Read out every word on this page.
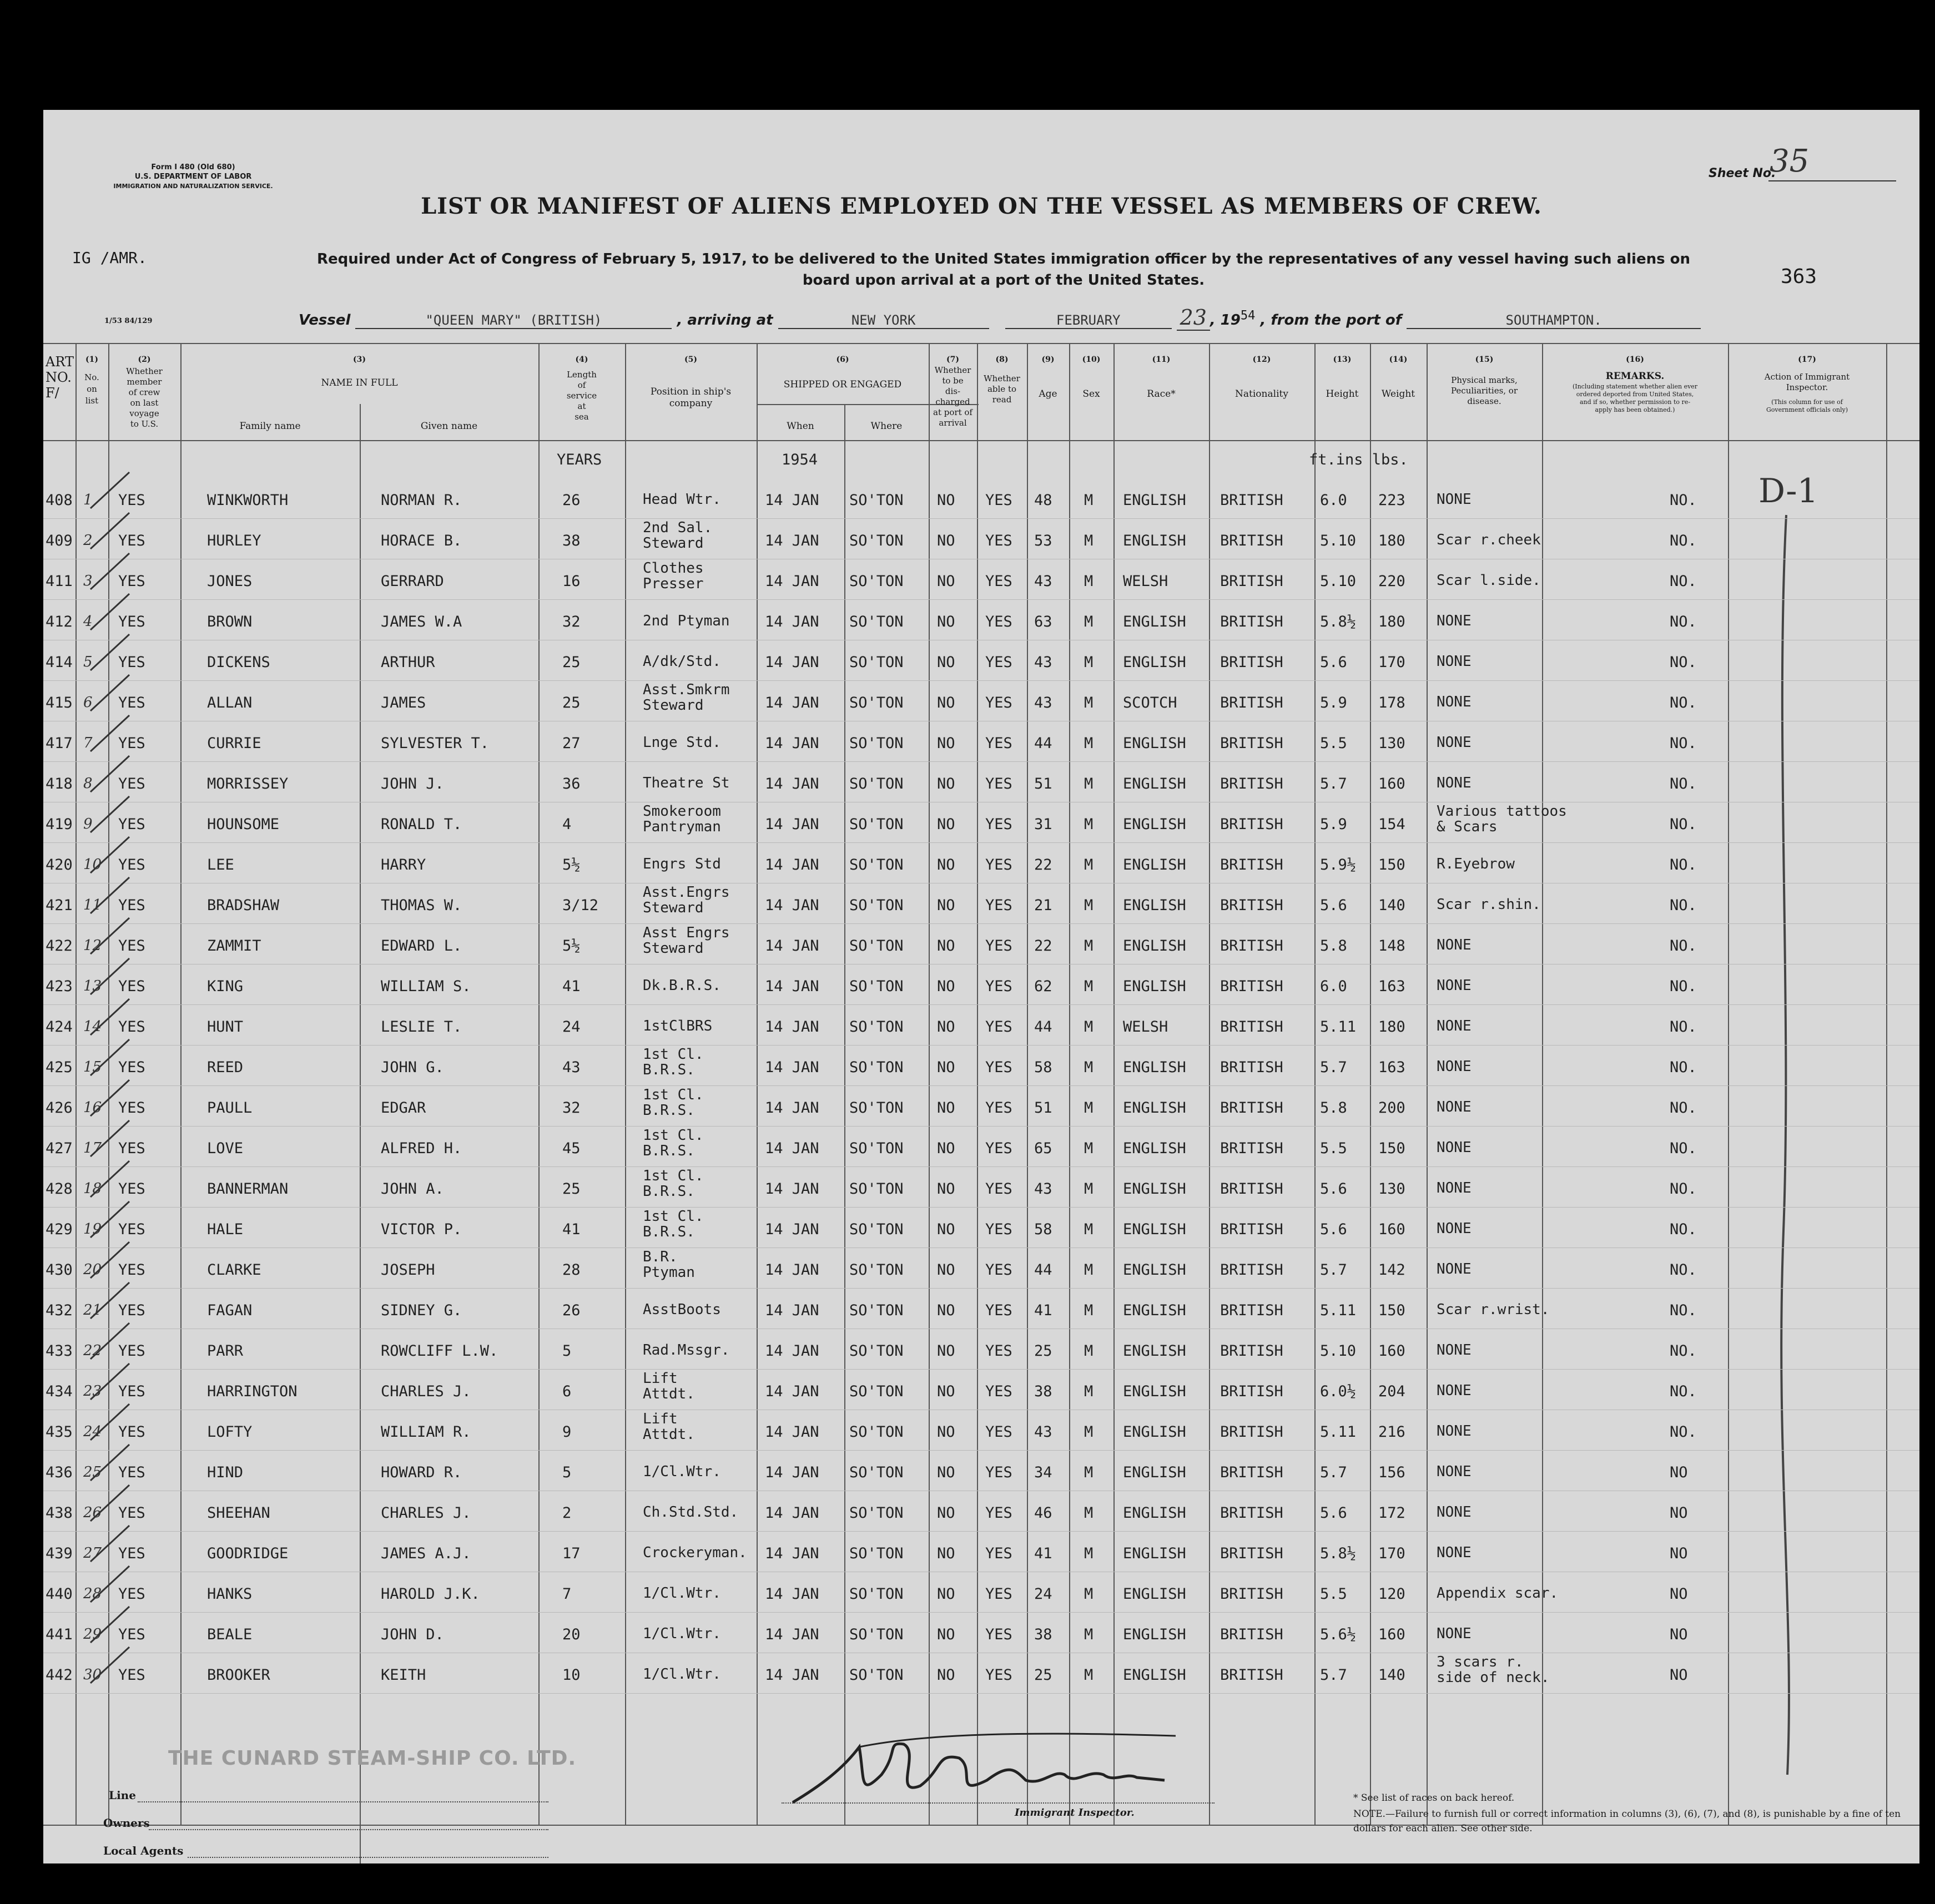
Form I 480 (Old 680)
U.S. DEPARTMENT OF LABOR
IMMIGRATION AND NATURALIZATION SERVICE.
IG /AMR.
1/53 84/129
Sheet No.
35
363
LIST OR MANIFEST OF ALIENS EMPLOYED ON THE VESSEL AS MEMBERS OF CREW.
Required under Act of Congress of February 5, 1917, to be delivered to the United States immigration officer by the representatives of any vessel having such aliens on board upon arrival at a port of the United States.
Vessel	"QUEEN MARY" (BRITISH)	, arriving at	NEW YORK	FEBRUARY	23 , $19^{54}$ , from the port of	SOUTHAMPTON.
ART
NO.
F/
(1)
No.
on
list
(2)
Whether
member
of crew
on last
voyage
to U.S.
(3)
NAME IN FULL
Family name	Given name
(4)
Length
of
service
at
sea
(5)
Position in ship's
company
(6)
SHIPPED OR ENGAGED
When	Where
(7)
Whether
to be
dis-
charged
at port of
arrival
(8)
Whether
able to
read
(9)
Age
(10)
Sex
(11)
Race*
(12)
Nationality
(13)
Height
(14)
Weight
(15)
Physical marks,
Peculiarities, or
disease.
(16)
REMARKS.
(Including statement whether alien ever
ordered deported from United States,
and if so, whether permission to re-
apply has been obtained.)
(17)
Action of Immigrant
Inspector.
(This column for use of
Government officials only)
YEARS	1954	ft.ins lbs.
D-1
408 1 YES	WINKWORTH	NORMAN R.	26	Head Wtr.	14 JAN SO'TON NO YES 48 M ENGLISH BRITISH 6.0 223 NONE	NO.
409 2 YES	HURLEY	HORACE B.	38
2nd Sal.
Steward	14 JAN SO'TON NO YES 53 M ENGLISH BRITISH 5.10 180 Scar r.cheek	NO.
411 3 YES	JONES	GERRARD	16
Clothes
Presser	14 JAN SO'TON NO YES 43 M WELSH	BRITISH 5.10 220 Scar l.side.	NO.
412 4 YES	BROWN	JAMES W.A	32	2nd Ptyman 14 JAN SO'TON NO YES 63 M ENGLISH BRITISH 5.8½ 180 NONE	NO.
414 5 YES	DICKENS	ARTHUR	25	A/dk/Std.	14 JAN SO'TON NO YES 43 M ENGLISH BRITISH 5.6 170 NONE	NO.
415 6 YES	ALLAN	JAMES	25
Asst.Smkrm
Steward	14 JAN SO'TON NO YES 43 M SCOTCH	BRITISH 5.9 178 NONE	NO.
417 7 YES	CURRIE	SYLVESTER T.	27	Lnge Std.	14 JAN SO'TON NO YES 44 M ENGLISH BRITISH 5.5 130 NONE	NO.
418 8 YES	MORRISSEY	JOHN J.	36	Theatre St 14 JAN SO'TON NO YES 51 M ENGLISH BRITISH 5.7 160 NONE	NO.
419 9 YES	HOUNSOME	RONALD T.	4
Smokeroom
Pantryman	14 JAN SO'TON NO YES 31 M ENGLISH BRITISH 5.9 154
Various tattoos
& Scars	NO.
420 10 YES	LEE	HARRY	5½	Engrs Std	14 JAN SO'TON NO YES 22 M ENGLISH BRITISH 5.9½ 150 R.Eyebrow	NO.
421 11 YES	BRADSHAW	THOMAS W.	3/12
Asst.Engrs
Steward	14 JAN SO'TON NO YES 21 M ENGLISH BRITISH 5.6 140 Scar r.shin.	NO.
422 12 YES	ZAMMIT	EDWARD L.	5½
Asst Engrs
Steward	14 JAN SO'TON NO YES 22 M ENGLISH BRITISH 5.8 148 NONE	NO.
423 13 YES	KING	WILLIAM S.	41	Dk.B.R.S.	14 JAN SO'TON NO YES 62 M ENGLISH BRITISH 6.0 163 NONE	NO.
424 14 YES	HUNT	LESLIE T.	24	1stClBRS	14 JAN SO'TON NO YES 44 M WELSH	BRITISH 5.11 180 NONE	NO.
425 15 YES	REED	JOHN G.	43
1st Cl.
B.R.S.	14 JAN SO'TON NO YES 58 M ENGLISH BRITISH 5.7 163 NONE	NO.
426 16 YES	PAULL	EDGAR	32
1st Cl.
B.R.S.	14 JAN SO'TON NO YES 51 M ENGLISH BRITISH 5.8 200 NONE	NO.
427 17 YES	LOVE	ALFRED H.	45
1st Cl.
B.R.S.	14 JAN SO'TON NO YES 65 M ENGLISH BRITISH 5.5 150 NONE	NO.
428 18 YES	BANNERMAN	JOHN A.	25
1st Cl.
B.R.S.	14 JAN SO'TON NO YES 43 M ENGLISH BRITISH 5.6 130 NONE	NO.
429 19 YES	HALE	VICTOR P.	41
1st Cl.
B.R.S.	14 JAN SO'TON NO YES 58 M ENGLISH BRITISH 5.6 160 NONE	NO.
430 20 YES	CLARKE	JOSEPH	28
B.R.
Ptyman	14 JAN SO'TON NO YES 44 M ENGLISH BRITISH 5.7 142 NONE	NO.
432 21 YES	FAGAN	SIDNEY G.	26	AsstBoots	14 JAN SO'TON NO YES 41 M ENGLISH BRITISH 5.11 150 Scar r.wrist.	NO.
433 22 YES	PARR	ROWCLIFF L.W.	5	Rad.Mssgr. 14 JAN SO'TON NO YES 25 M ENGLISH BRITISH 5.10 160 NONE	NO.
434 23 YES	HARRINGTON	CHARLES J.	6
Lift
Attdt.	14 JAN SO'TON NO YES 38 M ENGLISH BRITISH 6.0½ 204 NONE	NO.
435 24 YES	LOFTY	WILLIAM R.	9
Lift
Attdt.	14 JAN SO'TON NO YES 43 M ENGLISH BRITISH 5.11 216 NONE	NO.
436 25 YES	HIND	HOWARD R.	5	1/Cl.Wtr.	14 JAN SO'TON NO YES 34 M ENGLISH BRITISH 5.7 156 NONE	NO
438 26 YES	SHEEHAN	CHARLES J.	2	Ch.Std.Std. 14 JAN SO'TON NO YES 46 M ENGLISH BRITISH 5.6 172 NONE	NO
439 27 YES	GOODRIDGE	JAMES A.J.	17	Crockeryman. 14 JAN SO'TON NO YES 41 M ENGLISH BRITISH 5.8½ 170 NONE	NO
440 28 YES	HANKS	HAROLD J.K.	7	1/Cl.Wtr.	14 JAN SO'TON NO YES 24 M ENGLISH BRITISH 5.5 120 Appendix scar.	NO
441 29 YES	BEALE	JOHN D.	20	1/Cl.Wtr.	14 JAN SO'TON NO YES 38 M ENGLISH BRITISH 5.6½ 160 NONE	NO
442 30 YES	BROOKER	KEITH	10	1/Cl.Wtr.	14 JAN SO'TON NO YES 25 M ENGLISH BRITISH 5.7 140
3 scars r.
side of neck.	NO
THE CUNARD STEAM-SHIP CO. LTD.
Line
Owners
Local Agents
Immigrant Inspector.
* See list of races on back hereof.
NOTE.—Failure to furnish full or correct information in columns (3), (6), (7), and (8), is punishable by a fine of ten dollars for each alien. See other side.
